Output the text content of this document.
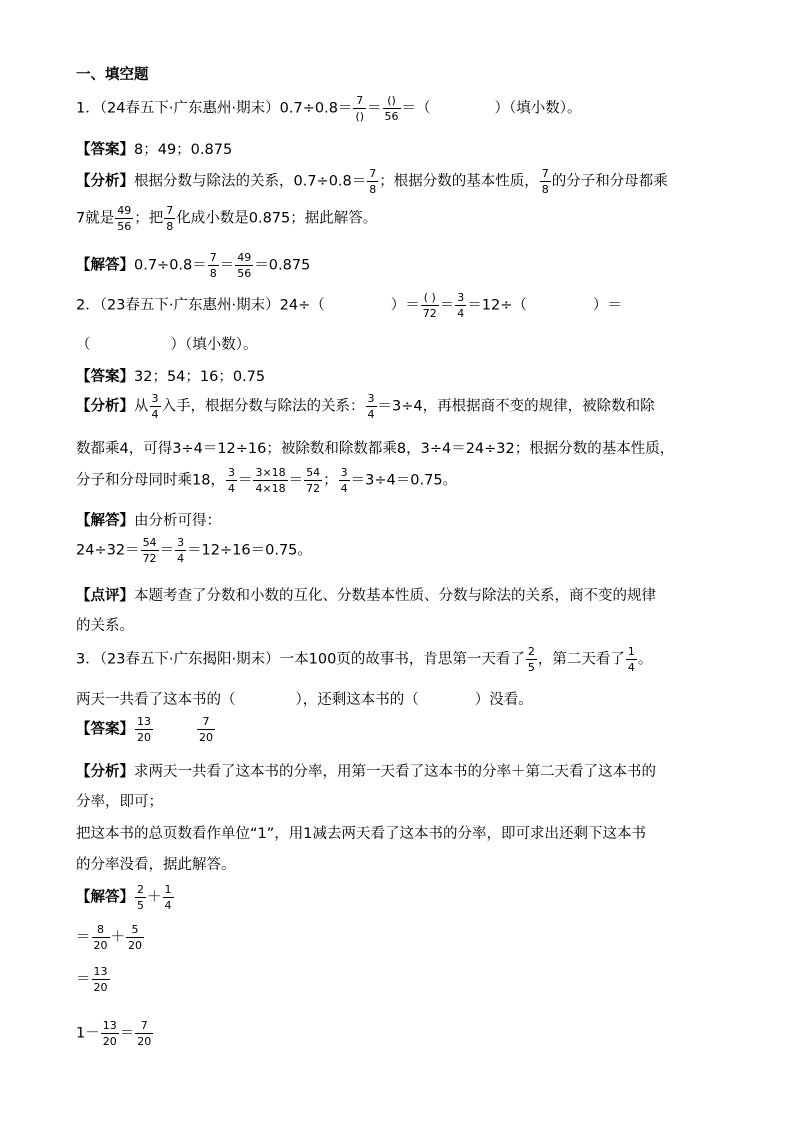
一、填空题
1．（24春五下·广东惠州·期末）0.7÷0.8＝ 7
() ＝ ()
56 ＝（	）（填小数）。
【答案】8；49；0.875
【分析】根据分数与除法的关系，$0.7\div 0.8= \frac{7}{8}$ ；根据分数的基本性质， $\frac{7}{8}$ 的分子和分母都乘
7就是 $\frac{49}{56}$ ；把 $\frac{7}{8}$ 化成小数是0.875；据此解答。
【解答】$0.7\div 0.8= \frac{7}{8} = \frac{49}{56} =0.875$
2．（23春五下·广东惠州·期末）24÷（	）＝ ( )
$72 = \frac{3}{4} =12\div$（	）＝
（	）（填小数）。
【答案】32；54；16；0.75
【分析】从 $\frac{3}{4}$ 入手，根据分数与除法的关系： $\frac{3}{4} =3\div 4$，再根据商不变的规律，被除数和除
数都乘4，可得3÷4＝12÷16；被除数和除数都乘8，3÷4＝24÷32；根据分数的基本性质，
分子和分母同时乘18， $\frac{3}{4} = \frac{3\times 18}{4\times 18} = \frac{54}{72}$ ； $\frac{3}{4} =3\div 4=0.75$。
【解答】由分析可得：
$24\div 32= \frac{54}{72} = \frac{3}{4} =12\div 16=0.75$。
【点评】本题考查了分数和小数的互化、分数基本性质、分数与除法的关系，商不变的规律
的关系。
3．（23春五下·广东揭阳·期末）一本100页的故事书，肯思第一天看了 $\frac{2}{5}$ ，第二天看了 $\frac{1}{4}$ 。
两天一共看了这本书的（	），还剩这本书的（	）没看。
【答案】 $\frac{13}{20}$	$\frac{7}{20}$
【分析】求两天一共看了这本书的分率，用第一天看了这本书的分率＋第二天看了这本书的
分率，即可；
把这本书的总页数看作单位“1”，用1减去两天看了这本书的分率，即可求出还剩下这本书
的分率没看，据此解答。
【解答】 $\frac{2}{5} + \frac{1}{4}$
＝ $\frac{8}{20} + \frac{5}{20}$
＝ $\frac{13}{20}$
$1- \frac{13}{20} = \frac{7}{20}$
